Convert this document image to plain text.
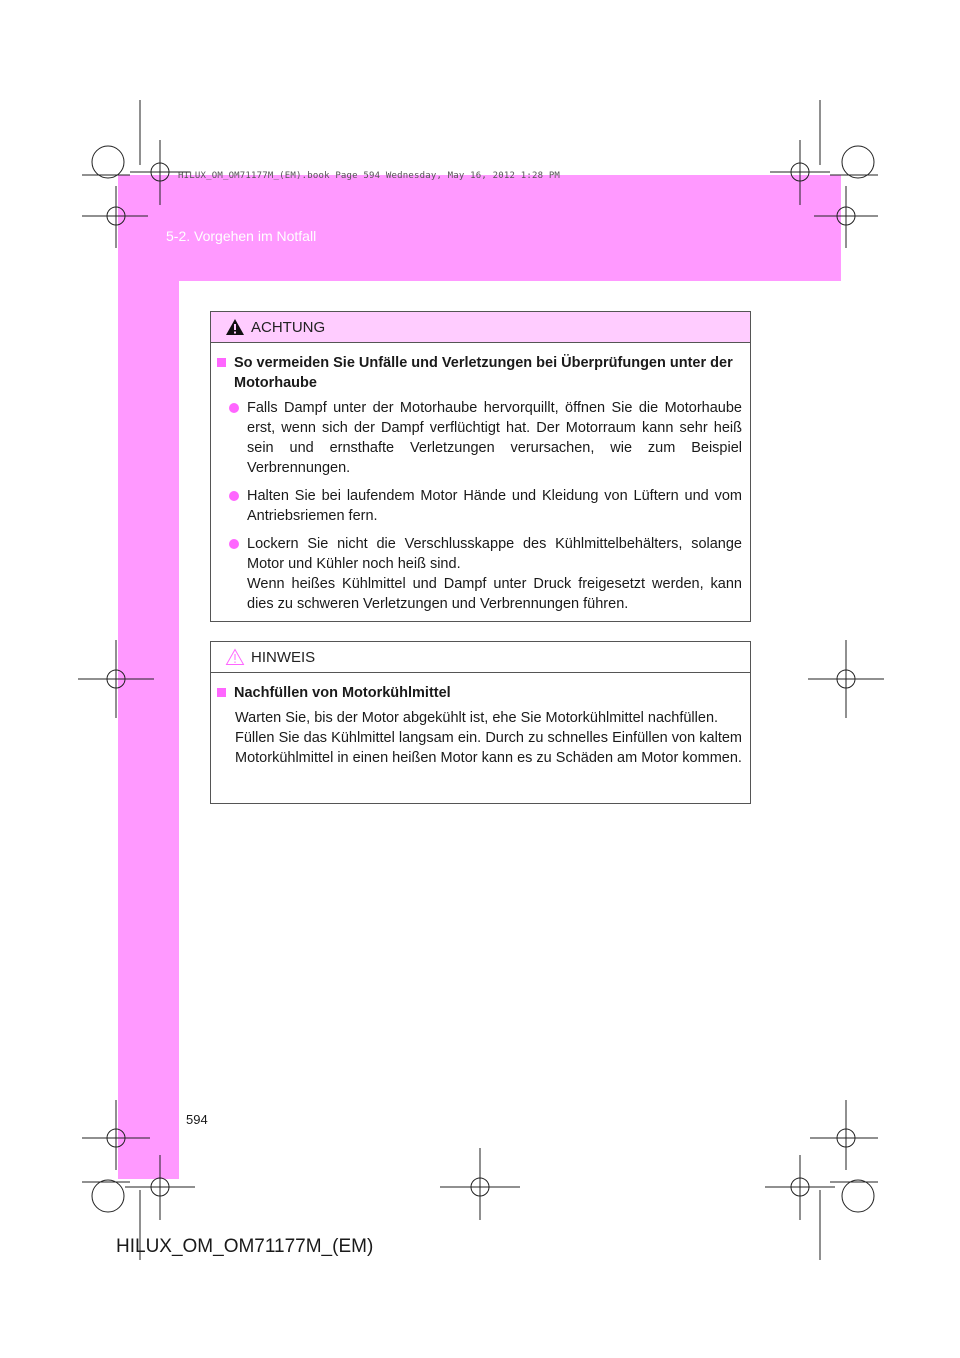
HILUX_OM_OM71177M_(EM).book Page 594 Wednesday, May 16, 2012 1:28 PM
5-2. Vorgehen im Notfall
ACHTUNG
So vermeiden Sie Unfälle und Verletzungen bei Überprüfungen unter der Motorhaube
Falls Dampf unter der Motorhaube hervorquillt, öffnen Sie die Motorhaube erst, wenn sich der Dampf verflüchtigt hat. Der Motorraum kann sehr heiß sein und ernsthafte Verletzungen verursachen, wie zum Beispiel Verbrennungen.
Halten Sie bei laufendem Motor Hände und Kleidung von Lüftern und vom Antriebsriemen fern.
Lockern Sie nicht die Verschlusskappe des Kühlmittelbehälters, solange Motor und Kühler noch heiß sind.
Wenn heißes Kühlmittel und Dampf unter Druck freigesetzt werden, kann dies zu schweren Verletzungen und Verbrennungen führen.
HINWEIS
Nachfüllen von Motorkühlmittel
Warten Sie, bis der Motor abgekühlt ist, ehe Sie Motorkühlmittel nachfüllen.
Füllen Sie das Kühlmittel langsam ein. Durch zu schnelles Einfüllen von kaltem Motorkühlmittel in einen heißen Motor kann es zu Schäden am Motor kommen.
594
HILUX_OM_OM71177M_(EM)
